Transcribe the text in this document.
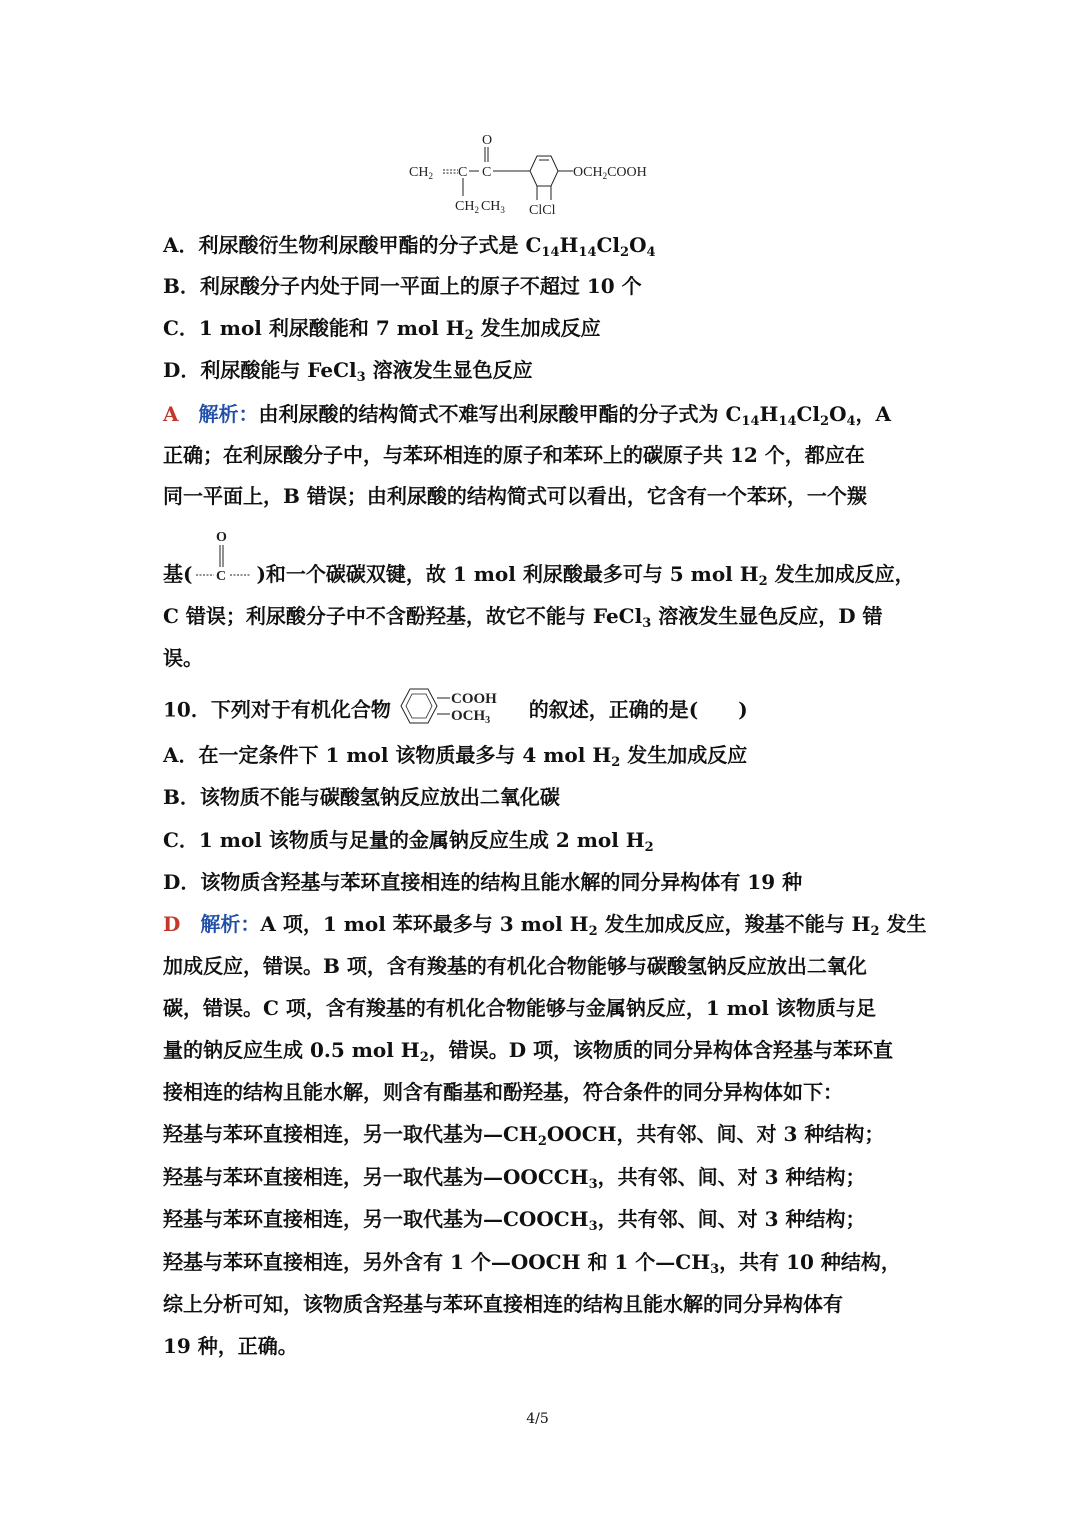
O
$CH_2$ C C	$OCH_2COOH$
$CH_2$ $CH_3$ ClCl
A．利尿酸衍生物利尿酸甲酯的分子式是 $C_{14}H_{14}Cl_2O_4$
B．利尿酸分子内处于同一平面上的原子不超过 10 个
C．1 mol 利尿酸能和 7 mol $H_2$ 发生加成反应
D．利尿酸能与 FeCl$_3$ 溶液发生显色反应
A　 解析：由利尿酸的结构简式不难写出利尿酸甲酯的分子式为 $C_{14}H_{14}Cl_2O_4$，A
正确；在利尿酸分子中，与苯环相连的原子和苯环上的碳原子共 12 个，都应在
同一平面上，B 错误；由利尿酸的结构简式可以看出，它含有一个苯环，一个羰
基(
O
C )和一个碳碳双键，故 1 mol 利尿酸最多可与 5 mol $H_2$ 发生加成反应，
C 错误；利尿酸分子中不含酚羟基，故它不能与 FeCl$_3$ 溶液发生显色反应，D 错
误。
10．下列对于有机化合物	COOH
$OCH_3$ 的叙述，正确的是(　　)
A．在一定条件下 1 mol 该物质最多与 4 mol $H_2$ 发生加成反应
B．该物质不能与碳酸氢钠反应放出二氧化碳
C．1 mol 该物质与足量的金属钠反应生成 2 mol $H_2$
D．该物质含羟基与苯环直接相连的结构且能水解的同分异构体有 19 种
D　 解析：A 项，1 mol 苯环最多与 3 mol $H_2$ 发生加成反应，羧基不能与 $H_2$ 发生
加成反应，错误。B 项，含有羧基的有机化合物能够与碳酸氢钠反应放出二氧化
碳，错误。C 项，含有羧基的有机化合物能够与金属钠反应，1 mol 该物质与足
量的钠反应生成 0.5 mol $H_2$，错误。D 项，该物质的同分异构体含羟基与苯环直
接相连的结构且能水解，则含有酯基和酚羟基，符合条件的同分异构体如下：
羟基与苯环直接相连，另一取代基为$—CH_2OOCH$，共有邻、间、对 3 种结构；
羟基与苯环直接相连，另一取代基为$—OOCCH_3$，共有邻、间、对 3 种结构；
羟基与苯环直接相连，另一取代基为$—COOCH_3$，共有邻、间、对 3 种结构；
羟基与苯环直接相连，另外含有 1 个—OOCH 和 1 个$—CH_3$，共有 10 种结构，
综上分析可知，该物质含羟基与苯环直接相连的结构且能水解的同分异构体有
19 种，正确。
4/5
